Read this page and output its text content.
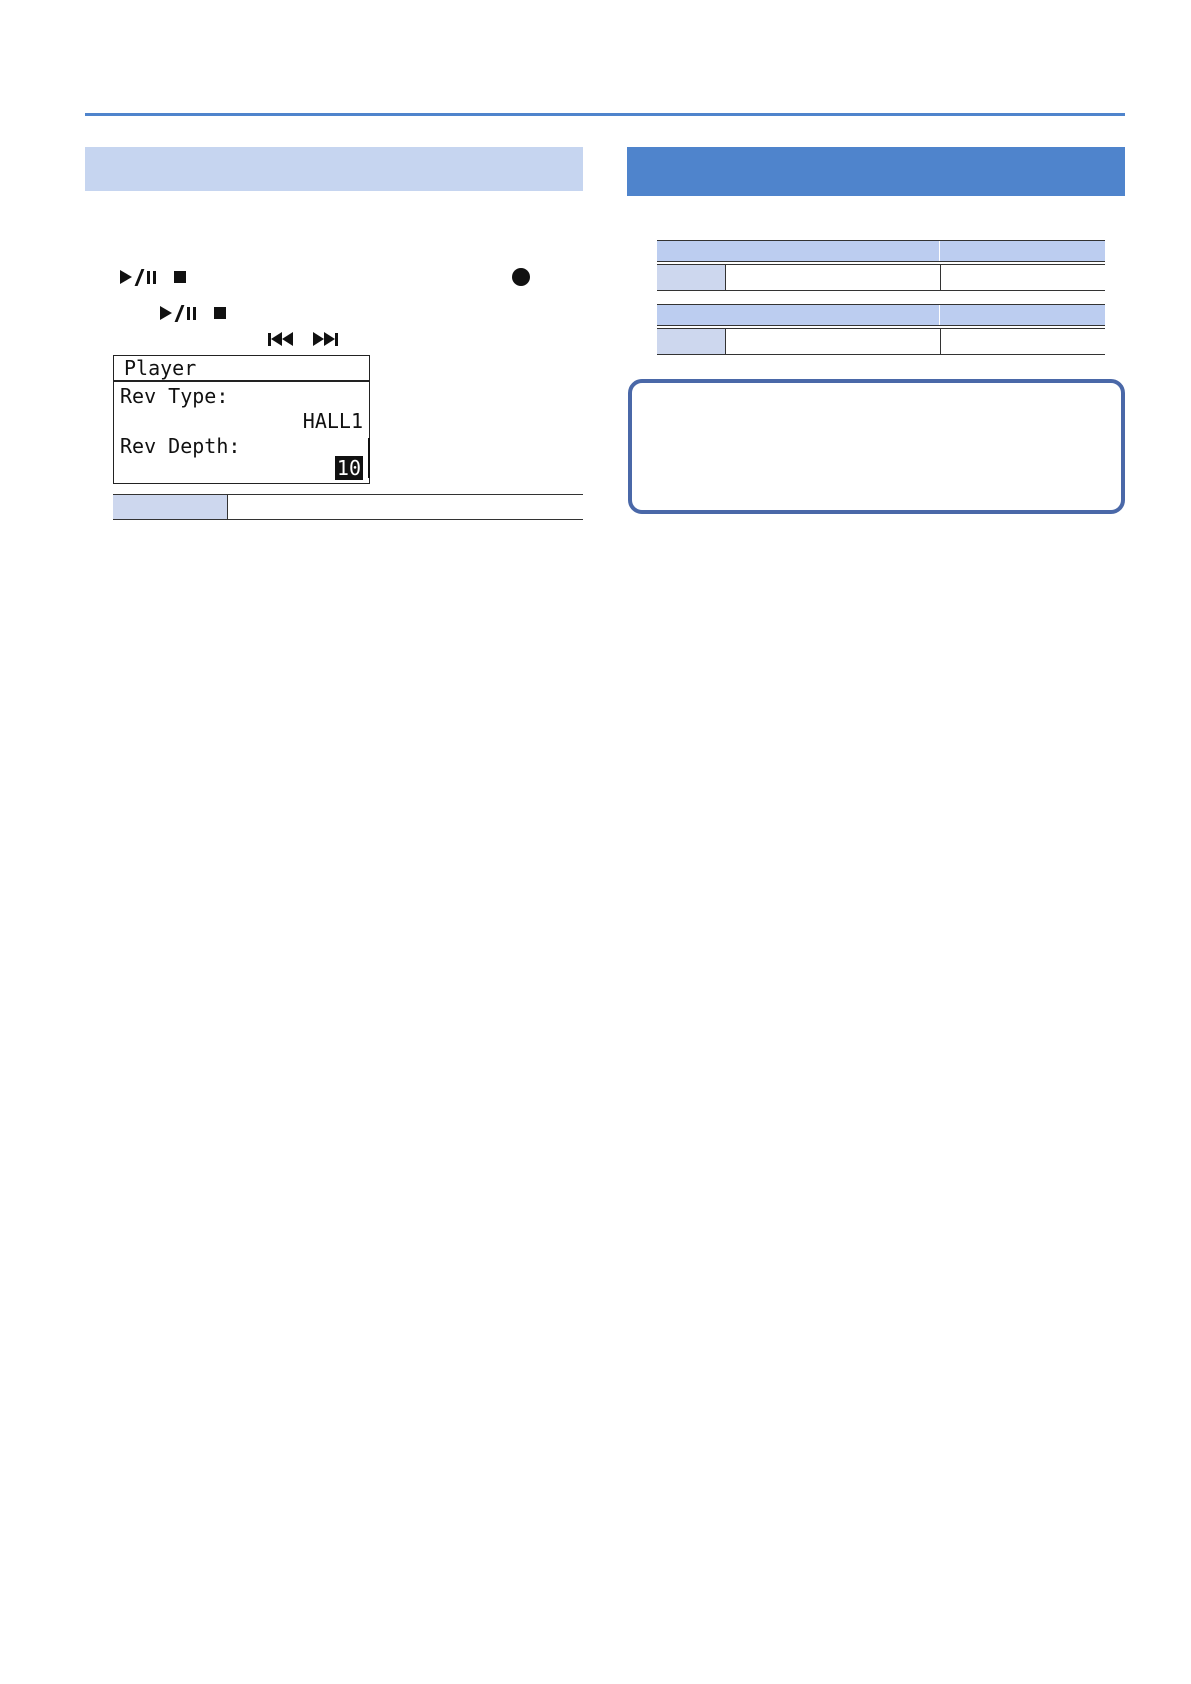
Player
Rev Type:
HALL1
Rev Depth:
10
